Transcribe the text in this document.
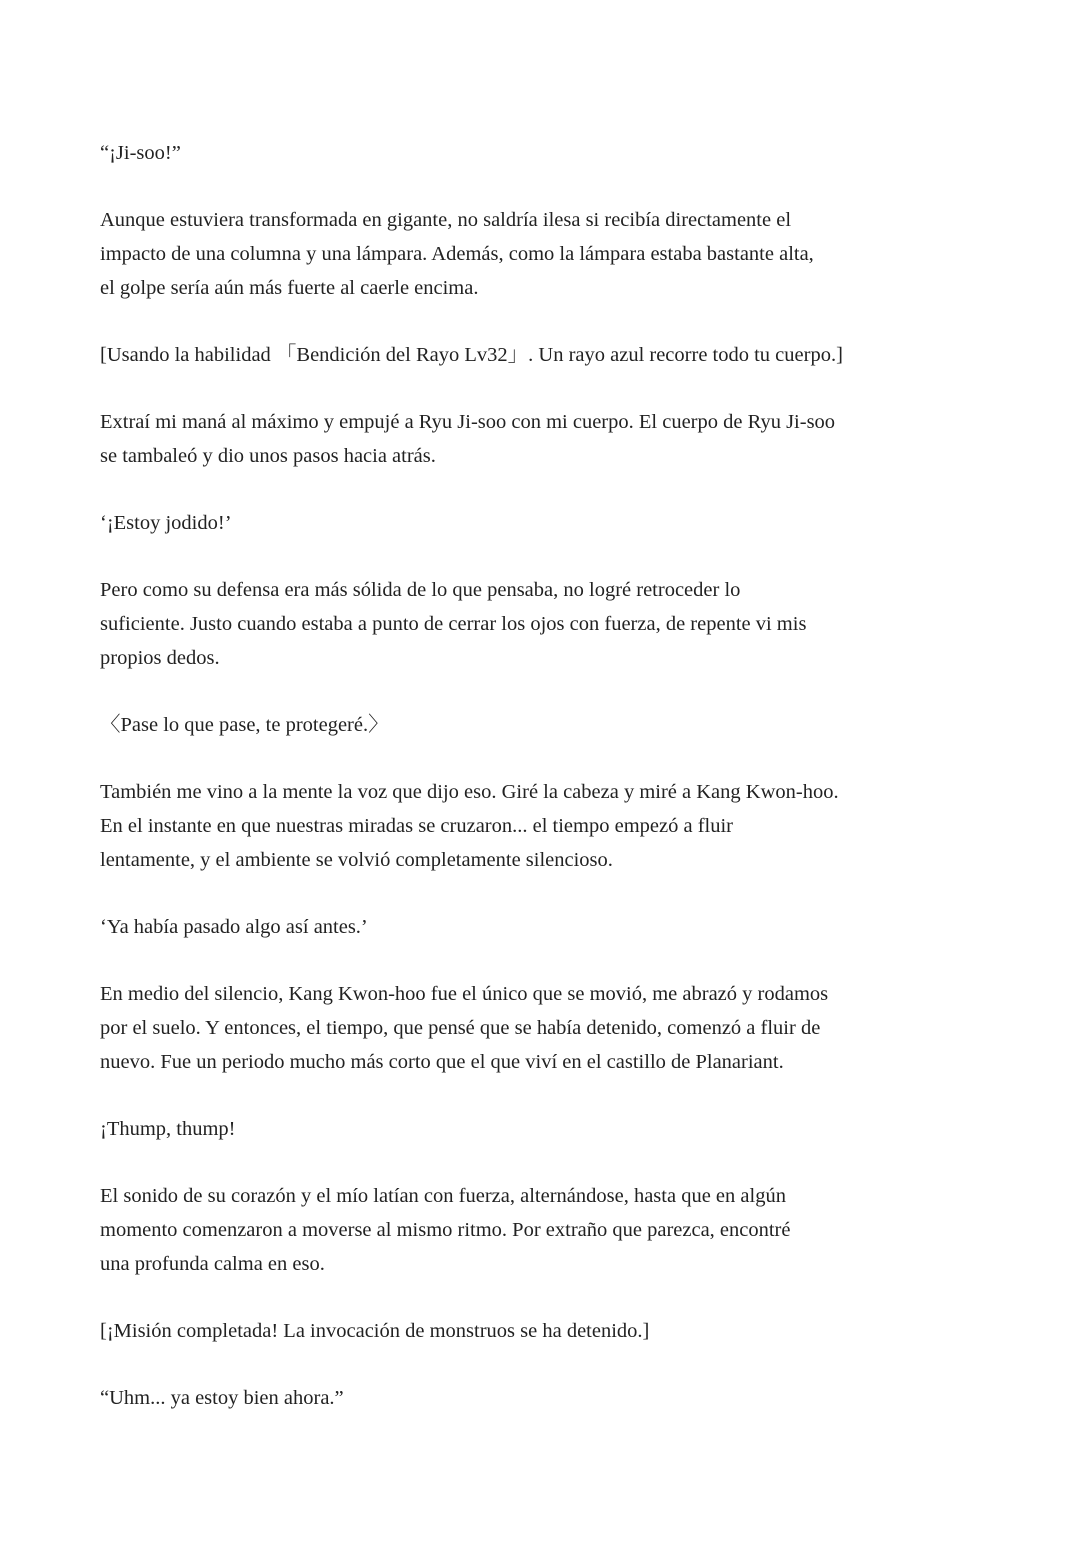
“¡Ji-soo!”

Aunque estuviera transformada en gigante, no saldría ilesa si recibía directamente el
impacto de una columna y una lámpara. Además, como la lámpara estaba bastante alta,
el golpe sería aún más fuerte al caerle encima.

[Usando la habilidad 「Bendición del Rayo Lv32」. Un rayo azul recorre todo tu cuerpo.]

Extraí mi maná al máximo y empujé a Ryu Ji-soo con mi cuerpo. El cuerpo de Ryu Ji-soo
se tambaleó y dio unos pasos hacia atrás.

‘¡Estoy jodido!’

Pero como su defensa era más sólida de lo que pensaba, no logré retroceder lo
suficiente. Justo cuando estaba a punto de cerrar los ojos con fuerza, de repente vi mis
propios dedos.

〈Pase lo que pase, te protegeré.〉

También me vino a la mente la voz que dijo eso. Giré la cabeza y miré a Kang Kwon-hoo.
En el instante en que nuestras miradas se cruzaron... el tiempo empezó a fluir
lentamente, y el ambiente se volvió completamente silencioso.

‘Ya había pasado algo así antes.’

En medio del silencio, Kang Kwon-hoo fue el único que se movió, me abrazó y rodamos
por el suelo. Y entonces, el tiempo, que pensé que se había detenido, comenzó a fluir de
nuevo. Fue un periodo mucho más corto que el que viví en el castillo de Planariant.

¡Thump, thump!

El sonido de su corazón y el mío latían con fuerza, alternándose, hasta que en algún
momento comenzaron a moverse al mismo ritmo. Por extraño que parezca, encontré
una profunda calma en eso.

[¡Misión completada! La invocación de monstruos se ha detenido.]

“Uhm... ya estoy bien ahora.”
